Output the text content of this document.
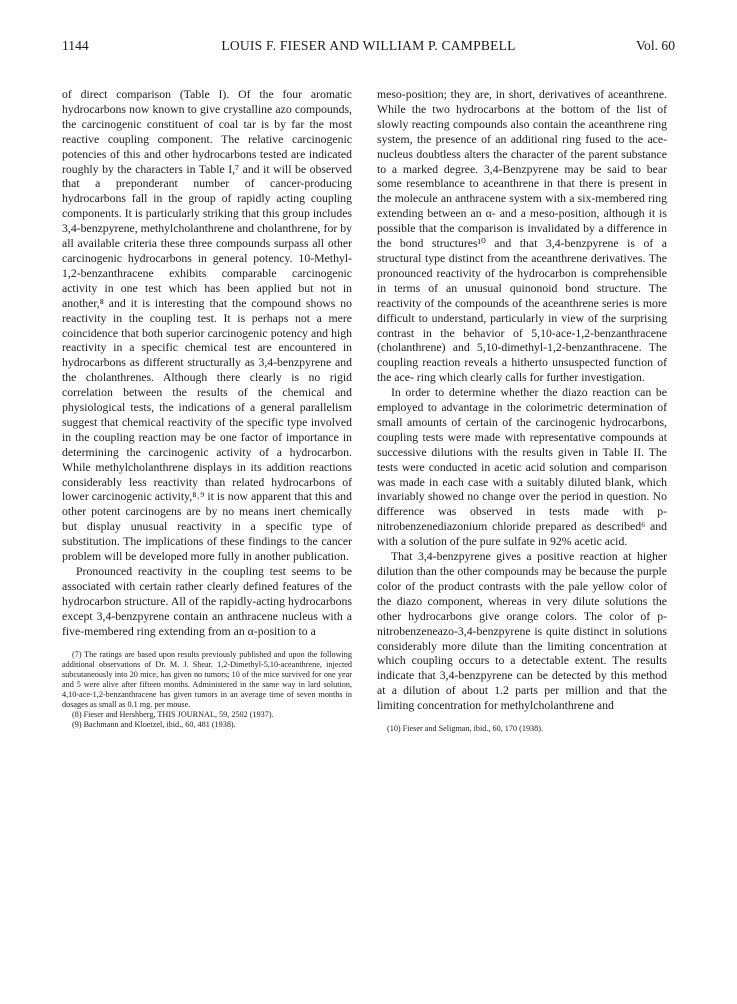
1144	LOUIS F. FIESER AND WILLIAM P. CAMPBELL	Vol. 60

of direct comparison (Table I). Of the four aromatic hydrocarbons now known to give crystalline azo compounds, the carcinogenic constituent of coal tar is by far the most reactive coupling component. The relative carcinogenic potencies of this and other hydrocarbons tested are indicated roughly by the characters in Table I,⁷ and it will be observed that a preponderant number of cancer-producing hydrocarbons fall in the group of rapidly acting coupling components. It is particularly striking that this group includes 3,4-benzpyrene, methylcholanthrene and cholanthrene, for by all available criteria these three compounds surpass all other carcinogenic hydrocarbons in general potency. 10-Methyl-1,2-benzanthracene exhibits comparable carcinogenic activity in one test which has been applied but not in another,⁸ and it is interesting that the compound shows no reactivity in the coupling test. It is perhaps not a mere coincidence that both superior carcinogenic potency and high reactivity in a specific chemical test are encountered in hydrocarbons as different structurally as 3,4-benzpyrene and the cholanthrenes. Although there clearly is no rigid correlation between the results of the chemical and physiological tests, the indications of a general parallelism suggest that chemical reactivity of the specific type involved in the coupling reaction may be one factor of importance in determining the carcinogenic activity of a hydrocarbon. While methylcholanthrene displays in its addition reactions considerably less reactivity than related hydrocarbons of lower carcinogenic activity,⁸˒⁹ it is now apparent that this and other potent carcinogens are by no means inert chemically but display unusual reactivity in a specific type of substitution. The implications of these findings to the cancer problem will be developed more fully in another publication.

Pronounced reactivity in the coupling test seems to be associated with certain rather clearly defined features of the hydrocarbon structure. All of the rapidly-acting hydrocarbons except 3,4-benzpyrene contain an anthracene nucleus with a five-membered ring extending from an α-position to a

(7) The ratings are based upon results previously published and upon the following additional observations of Dr. M. J. Shear. 1,2-Dimethyl-5,10-aceanthrene, injected subcutaneously into 20 mice, has given no tumors; 10 of the mice survived for one year and 5 were alive after fifteen months. Administered in the same way in lard solution, 4,10-ace-1,2-benzanthracene has given tumors in an average time of seven months in dosages as small as 0.1 mg. per mouse.

(8) Fieser and Hershberg, THIS JOURNAL, 59, 2502 (1937).

(9) Bachmann and Kloetzel, ibid., 60, 481 (1938).

meso-position; they are, in short, derivatives of aceanthrene. While the two hydrocarbons at the bottom of the list of slowly reacting compounds also contain the aceanthrene ring system, the presence of an additional ring fused to the ace-nucleus doubtless alters the character of the parent substance to a marked degree. 3,4-Benzpyrene may be said to bear some resemblance to aceanthrene in that there is present in the molecule an anthracene system with a six-membered ring extending between an α- and a meso-position, although it is possible that the comparison is invalidated by a difference in the bond structures¹⁰ and that 3,4-benzpyrene is of a structural type distinct from the aceanthrene derivatives. The pronounced reactivity of the hydrocarbon is comprehensible in terms of an unusual quinonoid bond structure. The reactivity of the compounds of the aceanthrene series is more difficult to understand, particularly in view of the surprising contrast in the behavior of 5,10-ace-1,2-benzanthracene (cholanthrene) and 5,10-dimethyl-1,2-benzanthracene. The coupling reaction reveals a hitherto unsuspected function of the ace- ring which clearly calls for further investigation.

In order to determine whether the diazo reaction can be employed to advantage in the colorimetric determination of small amounts of certain of the carcinogenic hydrocarbons, coupling tests were made with representative compounds at successive dilutions with the results given in Table II. The tests were conducted in acetic acid solution and comparison was made in each case with a suitably diluted blank, which invariably showed no change over the period in question. No difference was observed in tests made with p-nitrobenzenediazonium chloride prepared as described⁶ and with a solution of the pure sulfate in 92% acetic acid.

That 3,4-benzpyrene gives a positive reaction at higher dilution than the other compounds may be because the purple color of the product contrasts with the pale yellow color of the diazo component, whereas in very dilute solutions the other hydrocarbons give orange colors. The color of p-nitrobenzeneazo-3,4-benzpyrene is quite distinct in solutions considerably more dilute than the limiting concentration at which coupling occurs to a detectable extent. The results indicate that 3,4-benzpyrene can be detected by this method at a dilution of about 1.2 parts per million and that the limiting concentration for methylcholanthrene and

(10) Fieser and Seligman, ibid., 60, 170 (1938).
